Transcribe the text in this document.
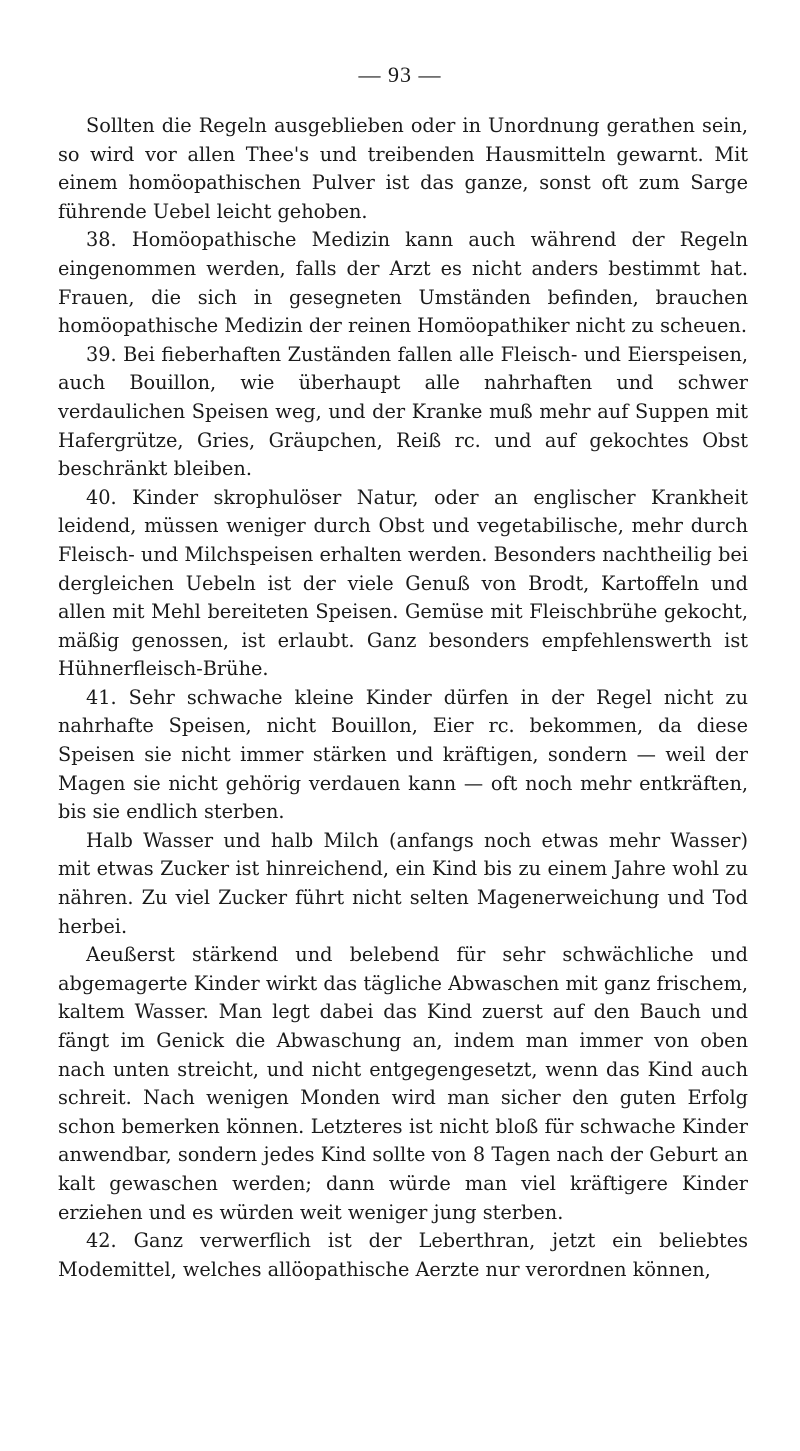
— 93 —

Sollten die Regeln ausgeblieben oder in Unordnung gerathen sein, so wird vor allen Thee's und treibenden Hausmitteln gewarnt. Mit einem homöopathischen Pulver ist das ganze, sonst oft zum Sarge führende Uebel leicht gehoben.

38. Homöopathische Medizin kann auch während der Regeln eingenommen werden, falls der Arzt es nicht anders bestimmt hat. Frauen, die sich in gesegneten Umständen befinden, brauchen homöopathische Medizin der reinen Homöopathiker nicht zu scheuen.

39. Bei fieberhaften Zuständen fallen alle Fleisch- und Eierspeisen, auch Bouillon, wie überhaupt alle nahrhaften und schwer verdaulichen Speisen weg, und der Kranke muß mehr auf Suppen mit Hafergrütze, Gries, Gräupchen, Reiß rc. und auf gekochtes Obst beschränkt bleiben.

40. Kinder skrophulöser Natur, oder an englischer Krankheit leidend, müssen weniger durch Obst und vegetabilische, mehr durch Fleisch- und Milchspeisen erhalten werden. Besonders nachtheilig bei dergleichen Uebeln ist der viele Genuß von Brodt, Kartoffeln und allen mit Mehl bereiteten Speisen. Gemüse mit Fleischbrühe gekocht, mäßig genossen, ist erlaubt. Ganz besonders empfehlenswerth ist Hühnerfleisch-Brühe.

41. Sehr schwache kleine Kinder dürfen in der Regel nicht zu nahrhafte Speisen, nicht Bouillon, Eier rc. bekommen, da diese Speisen sie nicht immer stärken und kräftigen, sondern — weil der Magen sie nicht gehörig verdauen kann — oft noch mehr entkräften, bis sie endlich sterben.

Halb Wasser und halb Milch (anfangs noch etwas mehr Wasser) mit etwas Zucker ist hinreichend, ein Kind bis zu einem Jahre wohl zu nähren. Zu viel Zucker führt nicht selten Magenerweichung und Tod herbei.

Aeußerst stärkend und belebend für sehr schwächliche und abgemagerte Kinder wirkt das tägliche Abwaschen mit ganz frischem, kaltem Wasser. Man legt dabei das Kind zuerst auf den Bauch und fängt im Genick die Abwaschung an, indem man immer von oben nach unten streicht, und nicht entgegengesetzt, wenn das Kind auch schreit. Nach wenigen Monden wird man sicher den guten Erfolg schon bemerken können. Letzteres ist nicht bloß für schwache Kinder anwendbar, sondern jedes Kind sollte von 8 Tagen nach der Geburt an kalt gewaschen werden; dann würde man viel kräftigere Kinder erziehen und es würden weit weniger jung sterben.

42. Ganz verwerflich ist der Leberthran, jetzt ein beliebtes Modemittel, welches allöopathische Aerzte nur verordnen können,
